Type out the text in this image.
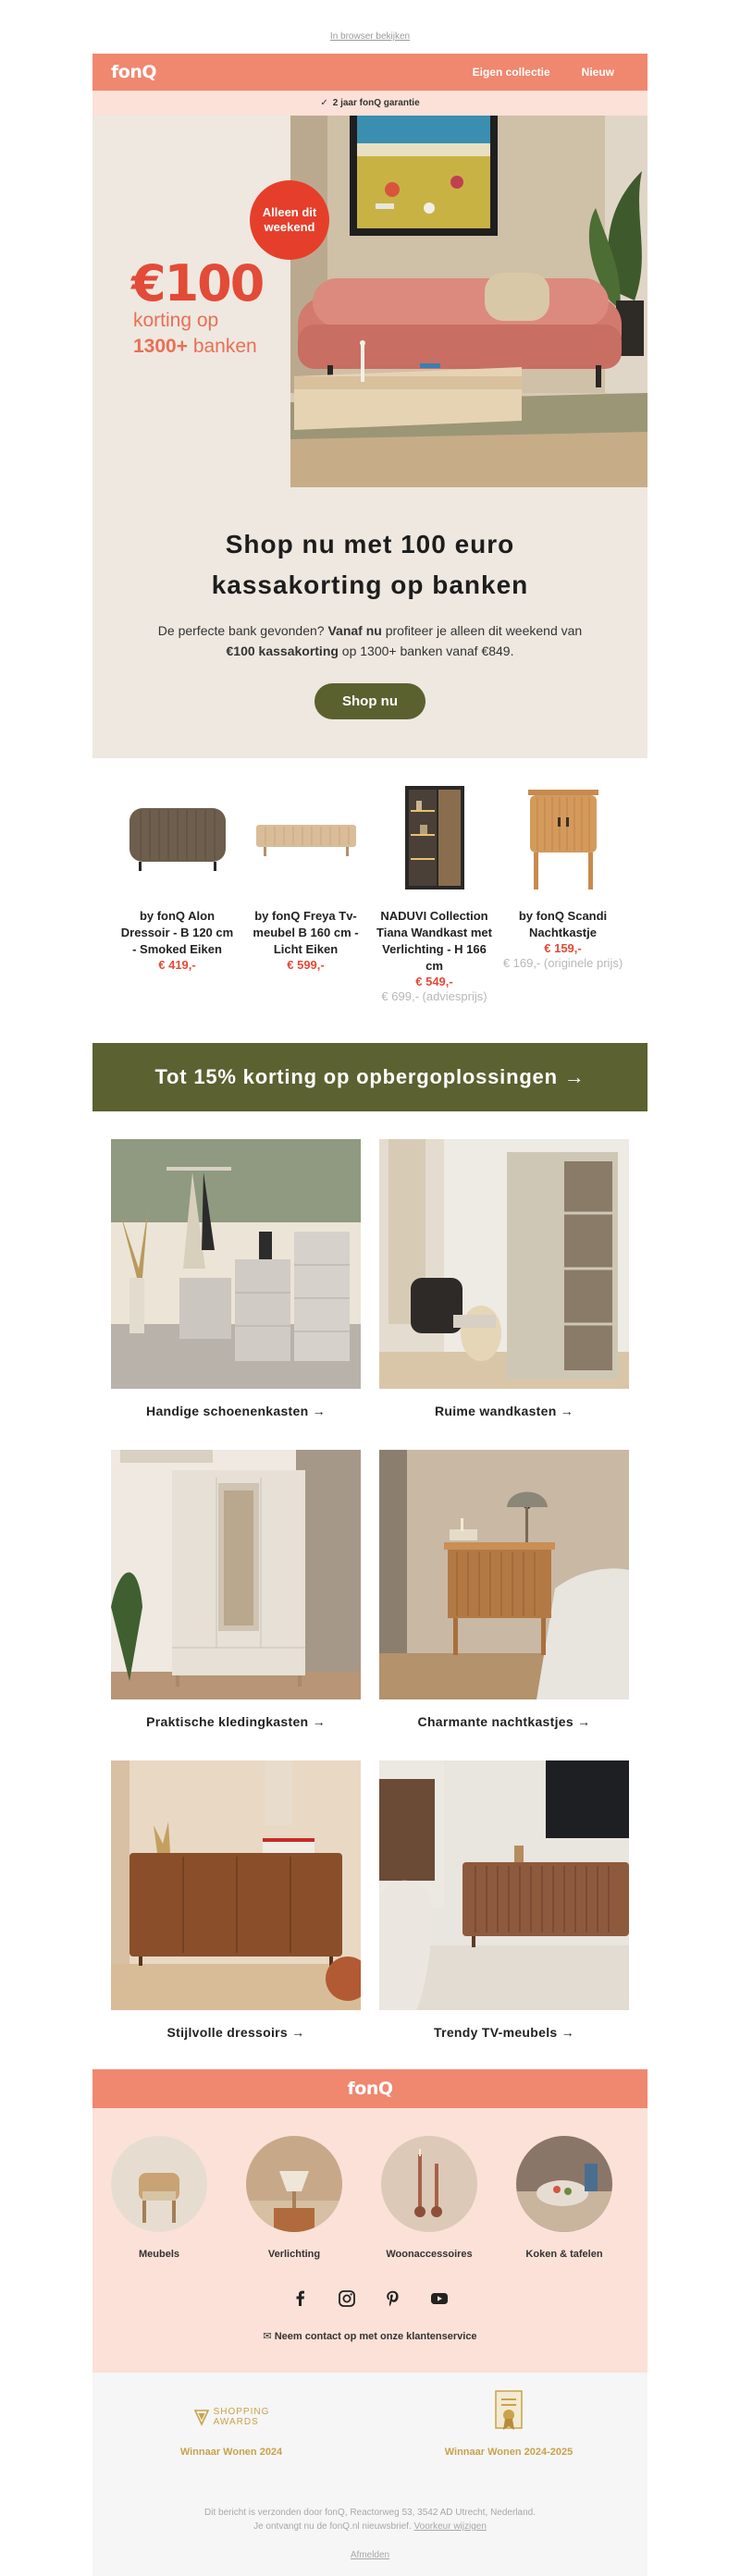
In browser bekijken
fonQ	Eigen collectie	Nieuw
✓ 2 jaar fonQ garantie
€100
korting op
1300+ banken
Alleen dit
weekend
Shop nu met 100 euro
kassakorting op banken

De perfecte bank gevonden? Vanaf nu profiteer je alleen dit weekend van €100 kassakorting op 1300+ banken vanaf €849.

Shop nu
by fonQ Alon Dressoir - B 120 cm - Smoked Eiken
€ 419,-
by fonQ Freya Tv-meubel B 160 cm - Licht Eiken
€ 599,-
NADUVI Collection Tiana Wandkast met Verlichting - H 166 cm
€ 549,-
€ 699,- (adviesprijs)
by fonQ Scandi Nachtkastje
€ 159,-
€ 169,- (originele prijs)
Tot 15% korting op opbergoplossingen →
Handige schoenenkasten →	Ruime wandkasten →
Praktische kledingkasten →	Charmante nachtkastjes →
Stijlvolle dressoirs →	Trendy TV-meubels →
fonQ
Meubels	Verlichting	Woonaccessoires	Koken & tafelen
✉ Neem contact op met onze klantenservice
SHOPPING
AWARDS
Winnaar Wonen 2024	Winnaar Wonen 2024-2025
Dit bericht is verzonden door fonQ, Reactorweg 53, 3542 AD Utrecht, Nederland.
Je ontvangt nu de fonQ.nl nieuwsbrief. Voorkeur wijzigen
Afmelden
